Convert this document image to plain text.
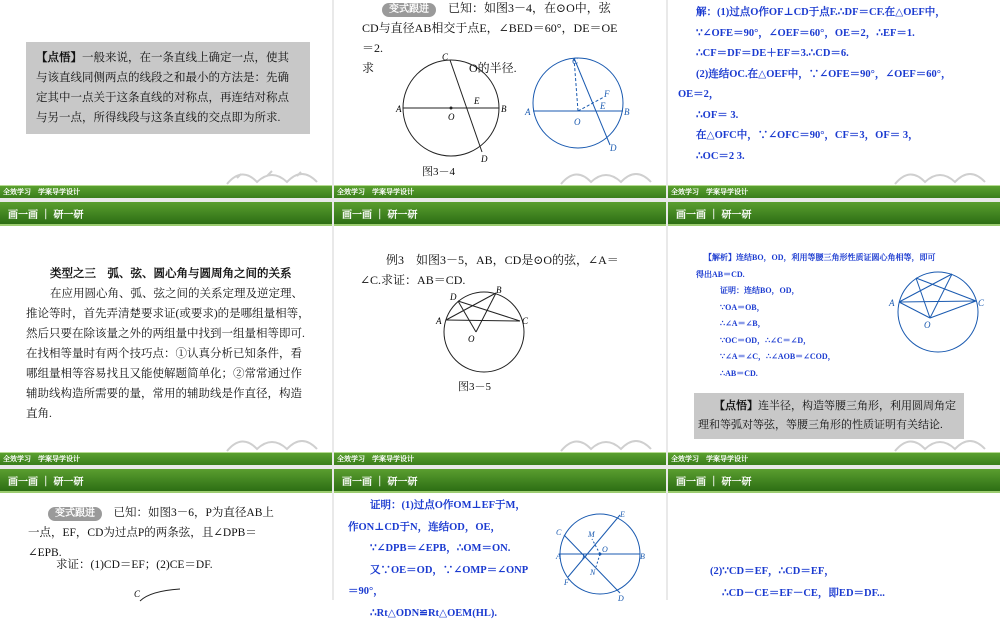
【点悟】一般来说，在一条直线上确定一点，使其与该直线同侧两点的线段之和最小的方法是：先确定其中一点关于这条直线的对称点，再连结对称点与另一点，所得线段与这条直线的交点即为所求.
全效学习　学案导学设计
变式跟进　 已知：如图3－4，在⊙O中，弦
CD与直径AB相交于点E，∠BED＝60°，DE＝OE
＝2.
求	O的半径.
A	B
C
D
E
O	A	B
C
D
E
F
O
图3－4
全效学习　学案导学设计
解：(1)过点O作OF⊥CD于点F.∴DF＝CF.在△OEF中，
∵∠OFE＝90°，∠OEF＝60°，OE＝2，∴EF＝1.
∴CF＝DF＝DE＋EF＝3.∴CD＝6.
(2)连结OC.在△OEF中，∵∠OFE＝90°，∠OEF＝60°，
OE＝2，
∴OF＝ 3.
在△OFC中，∵∠OFC＝90°，CF＝3，OF＝ 3，
∴OC＝2 3.
全效学习　学案导学设计
画一画 ｜ 研一研
类型之三　弧、弦、圆心角与圆周角之间的关系
在应用圆心角、弧、弦之间的关系定理及逆定理、推论等时，首先弄清楚要求证(或要求)的是哪组量相等，然后只要在除该量之外的两组量中找到一组量相等即可.在找相等量时有两个技巧点：①认真分析已知条件，看哪组量相等容易找且又能使解题简单化；②常常通过作辅助线构造所需要的量，常用的辅助线是作直径，构造直角.
全效学习　学案导学设计
画一画 ｜ 研一研
例3　如图3－5，AB，CD是⊙O的弦，∠A＝
∠C.求证：AB＝CD.
A	C
D
B
O
图3－5
全效学习　学案导学设计
画一画 ｜ 研一研
【解析】连结BO，OD，利用等腰三角形性质证圆心角相等，即可
得出AB＝CD.
证明：连结BO，OD，
∵OA＝OB，
∴∠A＝∠B，
∵OC＝OD，∴∠C＝∠D，
∵∠A＝∠C，∴∠AOB＝∠COD，
∴AB＝CD.
A	C
O
【点悟】连半径，构造等腰三角形，利用圆周角定理和等弧对等弦，等腰三角形的性质证明有关结论.
全效学习　学案导学设计
画一画 ｜ 研一研
变式跟进　 已知：如图3－6，P为直径AB上
一点，EF，CD为过点P的两条弦，且∠DPB＝
∠EPB.
求证：(1)CD＝EF；(2)CE＝DF.
C
画一画 ｜ 研一研
证明：(1)过点O作OM⊥EF于M，
作ON⊥CD于N，连结OD，OE，
∵∠DPB＝∠EPB，∴OM＝ON.
又∵OE＝OD，∵∠OMP＝∠ONP
＝90°，
∴Rt△ODN≌Rt△OEM(HL).
C
E
A	B
M
O
P
N
F
D
画一画 ｜ 研一研
(2)∵CD＝EF，∴CD＝EF，
∴CD－CE＝EF－CE，即ED＝DF...
